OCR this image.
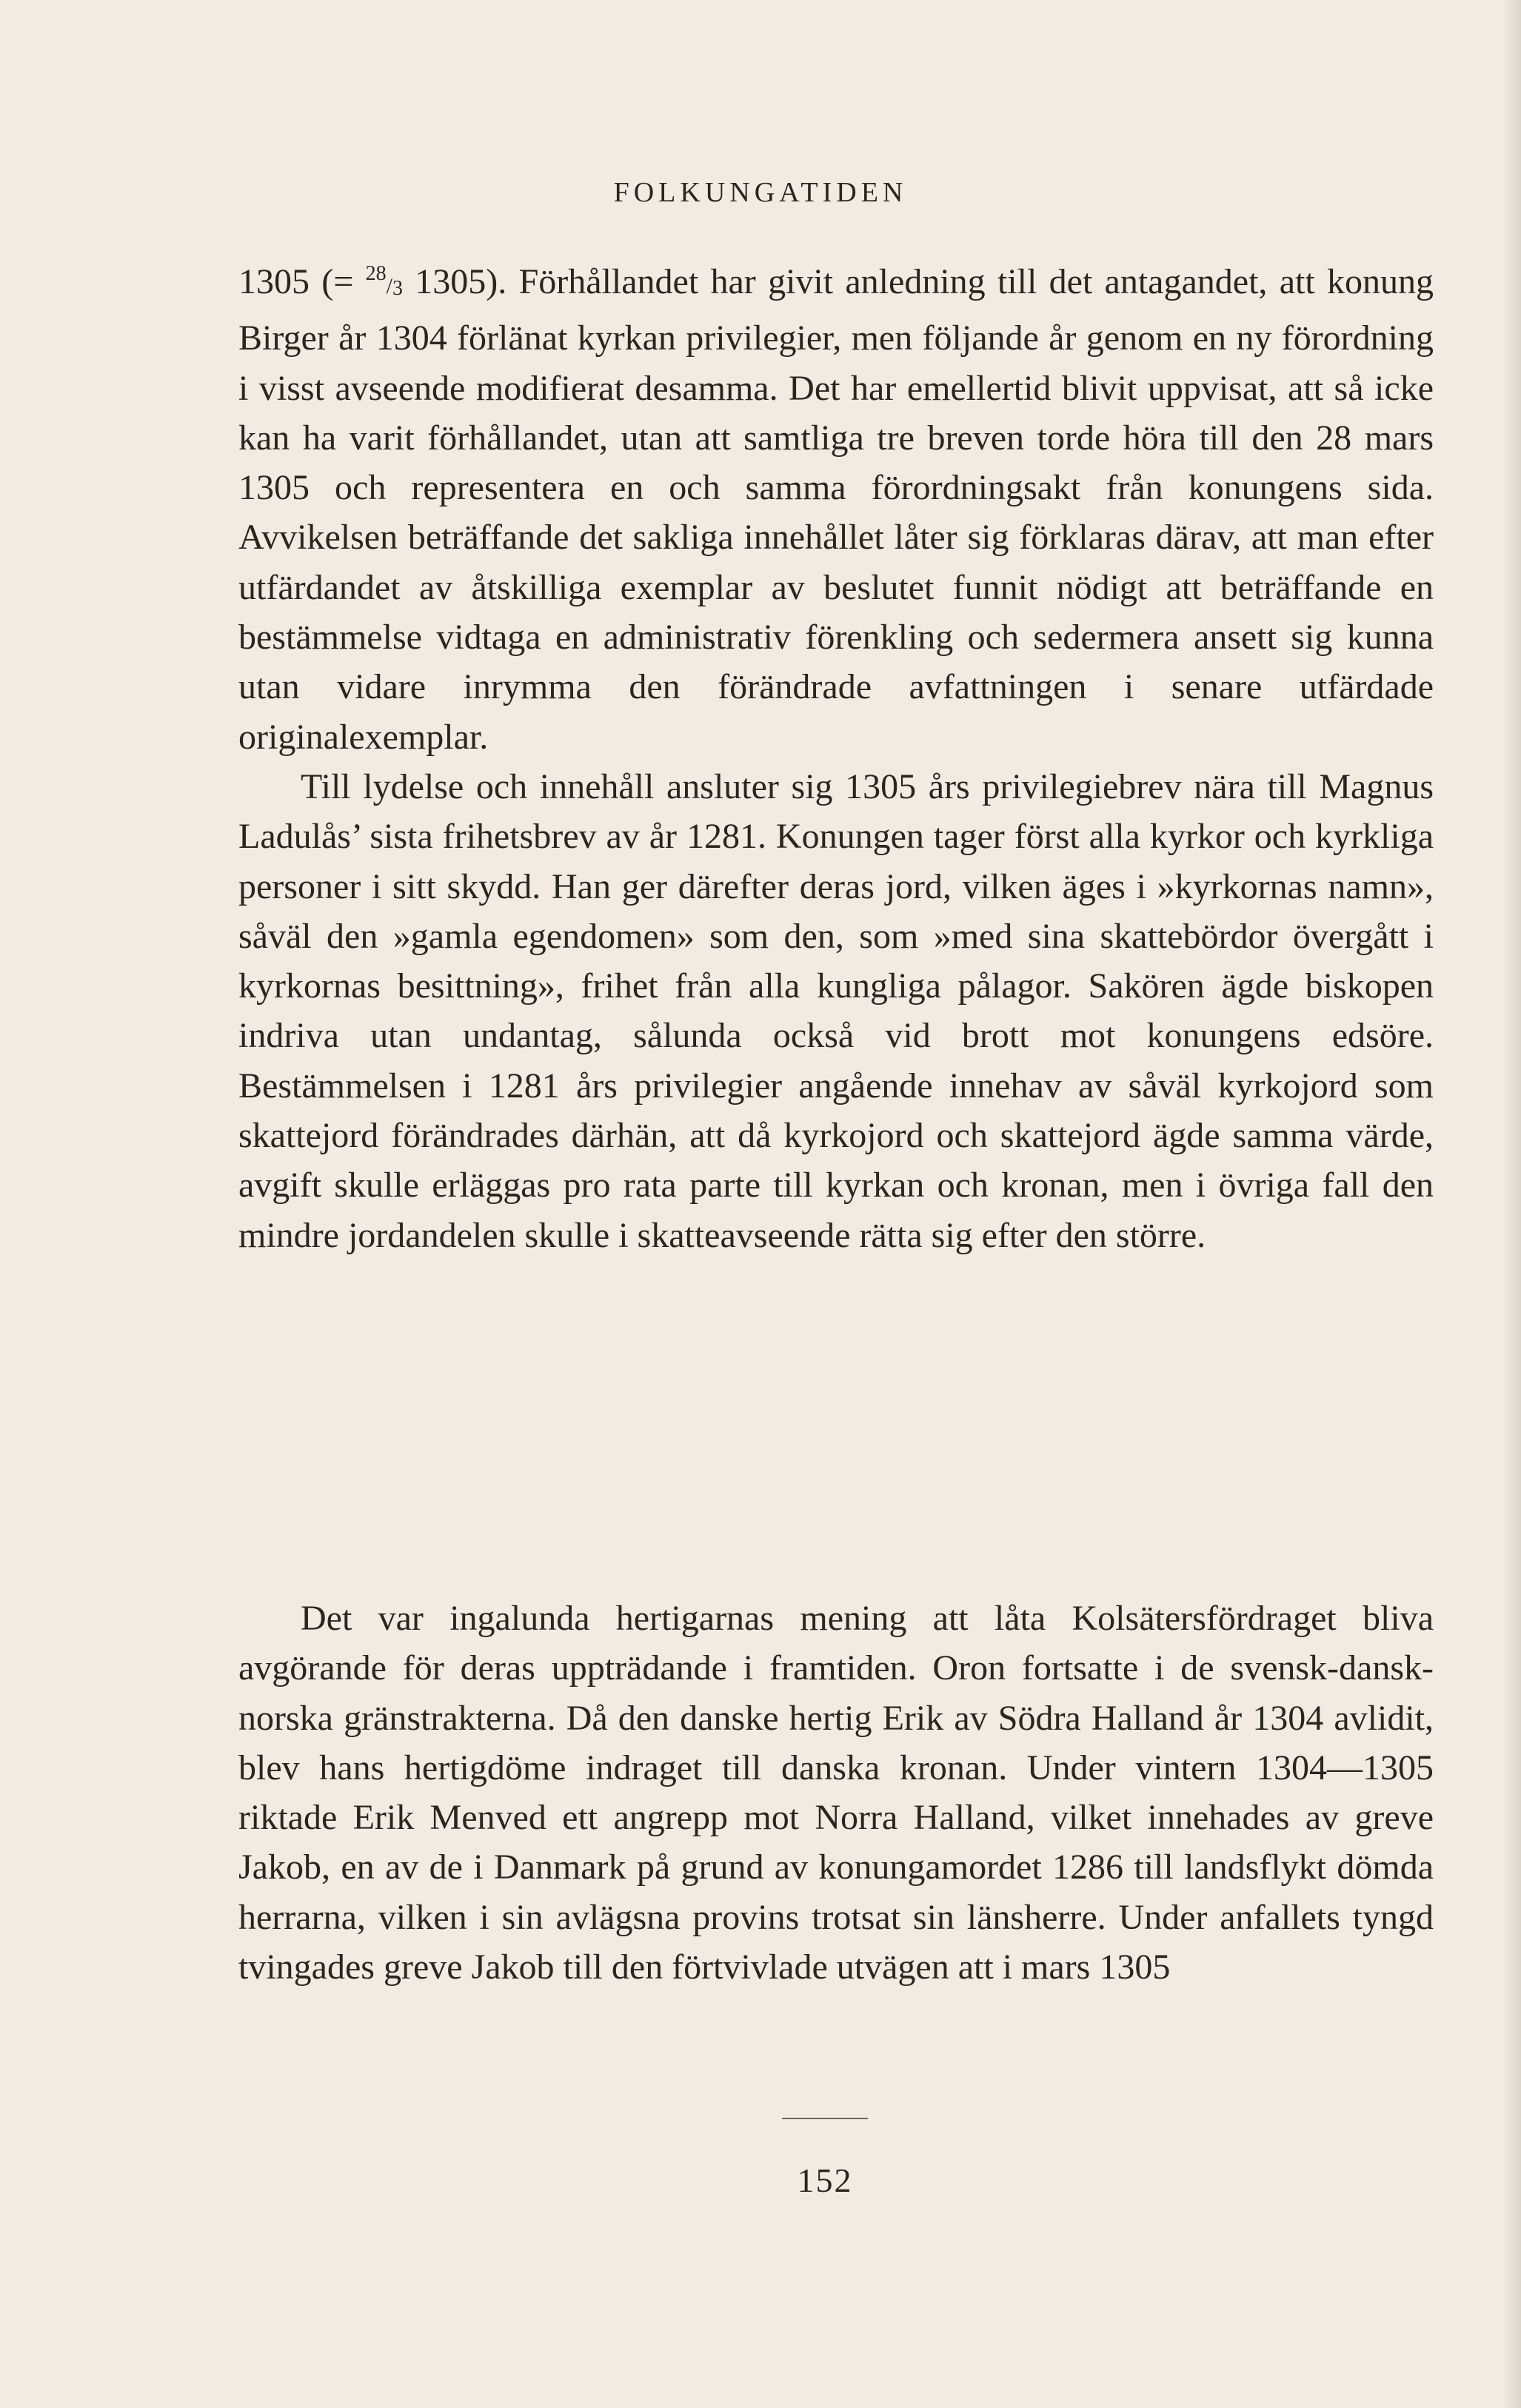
FOLKUNGATIDEN

1305 (= $^{28}/_3$ 1305). Förhållandet har givit anledning till det antagandet, att konung Birger år 1304 förlänat kyrkan privilegier, men följande år genom en ny förordning i visst avseende modifierat desamma. Det har emellertid blivit uppvisat, att så icke kan ha varit förhållandet, utan att samtliga tre breven torde höra till den 28 mars 1305 och representera en och samma förordningsakt från konungens sida. Avvikelsen beträffande det sakliga innehållet låter sig förklaras därav, att man efter utfärdandet av åtskilliga exemplar av beslutet funnit nödigt att beträffande en bestämmelse vidtaga en administrativ förenkling och sedermera ansett sig kunna utan vidare inrymma den förändrade avfattningen i senare utfärdade originalexemplar.

Till lydelse och innehåll ansluter sig 1305 års privilegiebrev nära till Magnus Ladulås’ sista frihetsbrev av år 1281. Konungen tager först alla kyrkor och kyrkliga personer i sitt skydd. Han ger därefter deras jord, vilken äges i »kyrkornas namn», såväl den »gamla egendomen» som den, som »med sina skattebördor övergått i kyrkornas besittning», frihet från alla kungliga pålagor. Sakören ägde biskopen indriva utan undantag, sålunda också vid brott mot konungens edsöre. Bestämmelsen i 1281 års privilegier angående innehav av såväl kyrkojord som skattejord förändrades därhän, att då kyrkojord och skattejord ägde samma värde, avgift skulle erläggas pro rata parte till kyrkan och kronan, men i övriga fall den mindre jordandelen skulle i skatteavseende rätta sig efter den större.

Det var ingalunda hertigarnas mening att låta Kolsätersfördraget bliva avgörande för deras uppträdande i framtiden. Oron fortsatte i de svensk-dansk-norska gränstrakterna. Då den danske hertig Erik av Södra Halland år 1304 avlidit, blev hans hertigdöme indraget till danska kronan. Under vintern 1304—1305 riktade Erik Menved ett angrepp mot Norra Halland, vilket innehades av greve Jakob, en av de i Danmark på grund av konungamordet 1286 till landsflykt dömda herrarna, vilken i sin avlägsna provins trotsat sin länsherre. Under anfallets tyngd tvingades greve Jakob till den förtvivlade utvägen att i mars 1305

152
